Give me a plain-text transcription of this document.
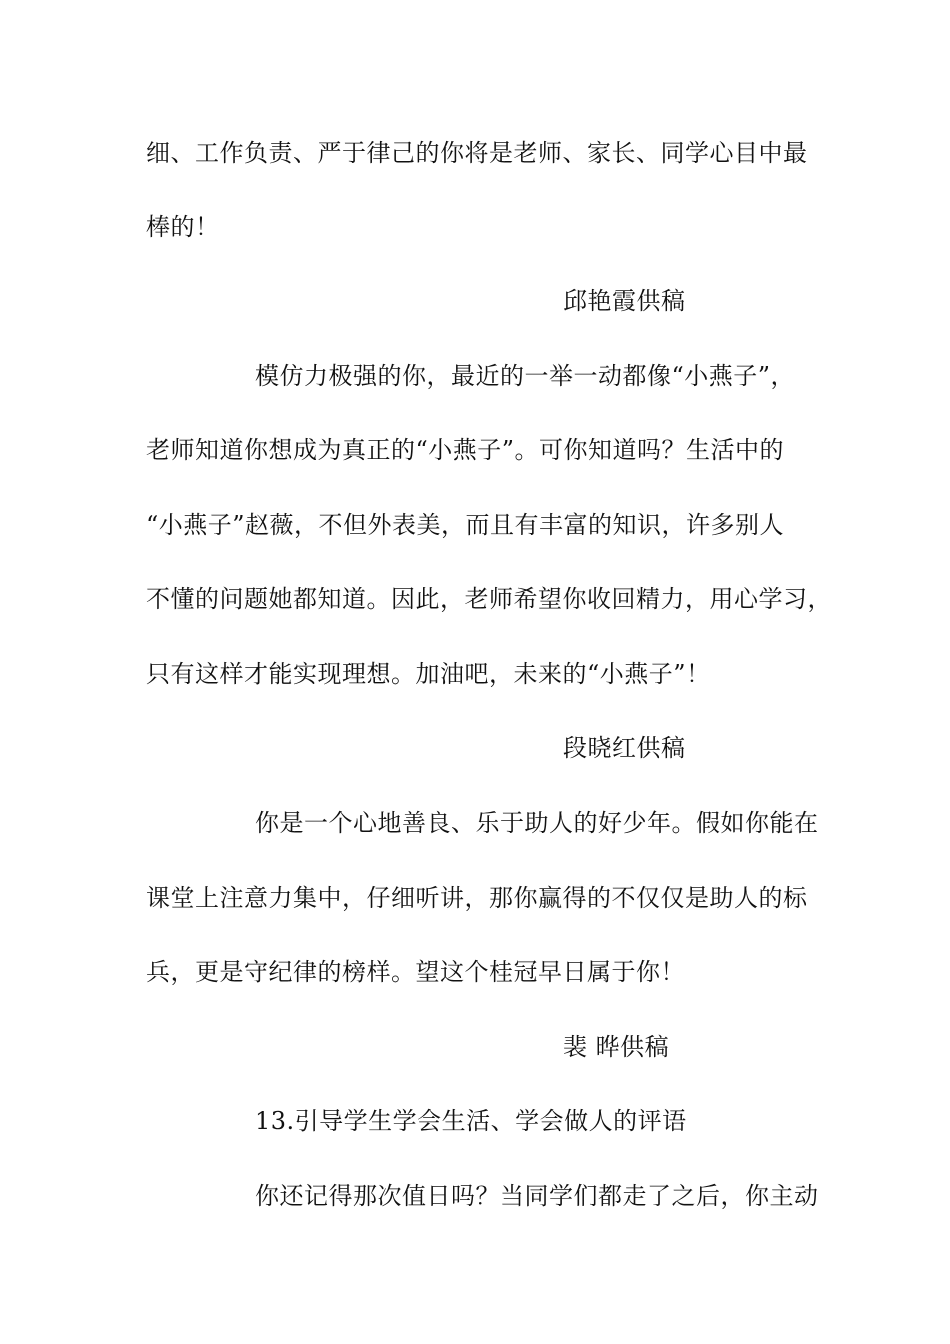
细、工作负责、严于律己的你将是老师、家长、同学心目中最
棒的！
邱艳霞供稿
模仿力极强的你，最近的一举一动都像“小燕子”，
老师知道你想成为真正的“小燕子”。可你知道吗？生活中的
“小燕子”赵薇，不但外表美，而且有丰富的知识，许多别人
不懂的问题她都知道。因此，老师希望你收回精力，用心学习，
只有这样才能实现理想。加油吧，未来的“小燕子”！
段晓红供稿
你是一个心地善良、乐于助人的好少年。假如你能在
课堂上注意力集中，仔细听讲，那你赢得的不仅仅是助人的标
兵，更是守纪律的榜样。望这个桂冠早日属于你！
裴 晔供稿
13.引导学生学会生活、学会做人的评语
你还记得那次值日吗？当同学们都走了之后，你主动
